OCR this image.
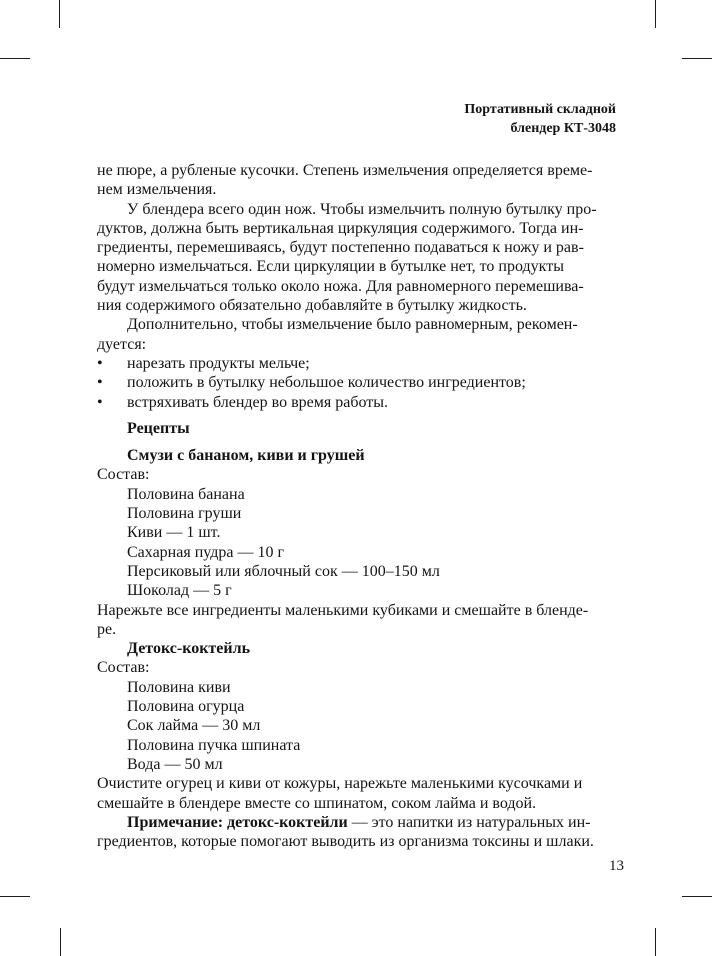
Портативный складной
блендер КТ-3048
не пюре, а рубленые кусочки. Степень измельчения определяется време-
нем измельчения.
У блендера всего один нож. Чтобы измельчить полную бутылку про-
дуктов, должна быть вертикальная циркуляция содержимого. Тогда ин-
гредиенты, перемешиваясь, будут постепенно подаваться к ножу и рав-
номерно измельчаться. Если циркуляции в бутылке нет, то продукты
будут измельчаться только около ножа. Для равномерного перемешива-
ния содержимого обязательно добавляйте в бутылку жидкость.
Дополнительно, чтобы измельчение было равномерным, рекомен-
дуется:
•	нарезать продукты мельче;
•	положить в бутылку небольшое количество ингредиентов;
•	встряхивать блендер во время работы.
Рецепты
Смузи с бананом, киви и грушей
Состав:
Половина банана
Половина груши
Киви — 1 шт.
Сахарная пудра — 10 г
Персиковый или яблочный сок — 100–150 мл
Шоколад — 5 г
Нарежьте все ингредиенты маленькими кубиками и смешайте в бленде-
ре.
Детокс-коктейль
Состав:
Половина киви
Половина огурца
Сок лайма — 30 мл
Половина пучка шпината
Вода — 50 мл
Очистите огурец и киви от кожуры, нарежьте маленькими кусочками и
смешайте в блендере вместе со шпинатом, соком лайма и водой.
Примечание: детокс-коктейли — это напитки из натуральных ин-
гредиентов, которые помогают выводить из организма токсины и шлаки.
13
